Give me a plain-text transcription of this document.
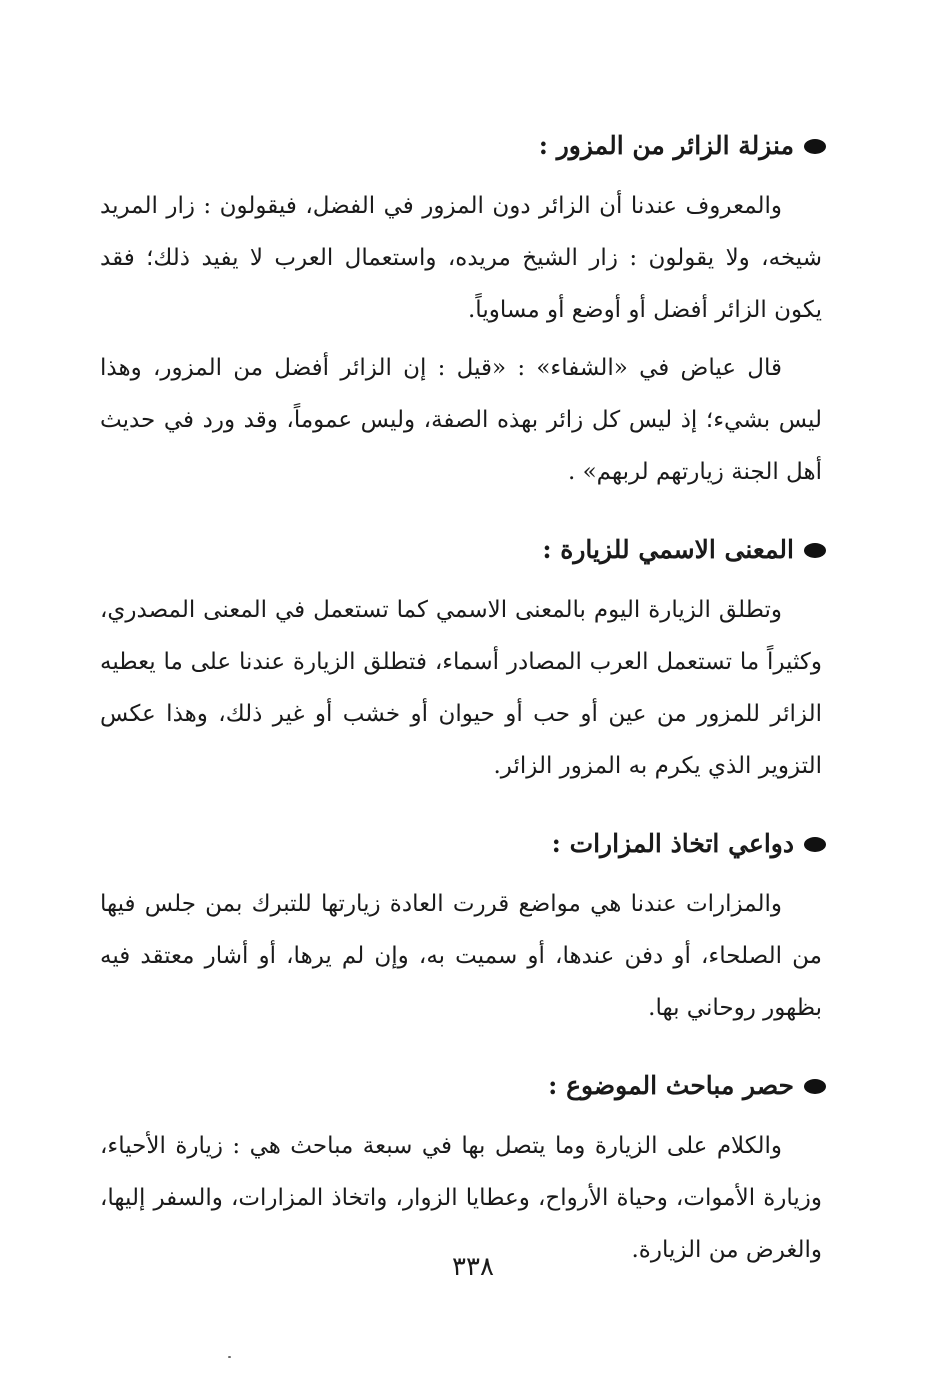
منزلة الزائر من المزور :

والمعروف عندنا أن الزائر دون المزور في الفضل، فيقولون : زار المريد شيخه، ولا يقولون : زار الشيخ مريده، واستعمال العرب لا يفيد ذلك؛ فقد يكون الزائر أفضل أو أوضع أو مساوياً.

قال عياض في «الشفاء» : «قيل : إن الزائر أفضل من المزور، وهذا ليس بشيء؛ إذ ليس كل زائر بهذه الصفة، وليس عموماً، وقد ورد في حديث أهل الجنة زيارتهم لربهم» .

المعنى الاسمي للزيارة :

وتطلق الزيارة اليوم بالمعنى الاسمي كما تستعمل في المعنى المصدري، وكثيراً ما تستعمل العرب المصادر أسماء، فتطلق الزيارة عندنا على ما يعطيه الزائر للمزور من عين أو حب أو حيوان أو خشب أو غير ذلك، وهذا عكس التزوير الذي يكرم به المزور الزائر.

دواعي اتخاذ المزارات :

والمزارات عندنا هي مواضع قررت العادة زيارتها للتبرك بمن جلس فيها من الصلحاء، أو دفن عندها، أو سميت به، وإن لم يرها، أو أشار معتقد فيه بظهور روحاني بها.

حصر مباحث الموضوع :

والكلام على الزيارة وما يتصل بها في سبعة مباحث هي : زيارة الأحياء، وزيارة الأموات، وحياة الأرواح، وعطايا الزوار، واتخاذ المزارات، والسفر إليها، والغرض من الزيارة.

٣٣٨
